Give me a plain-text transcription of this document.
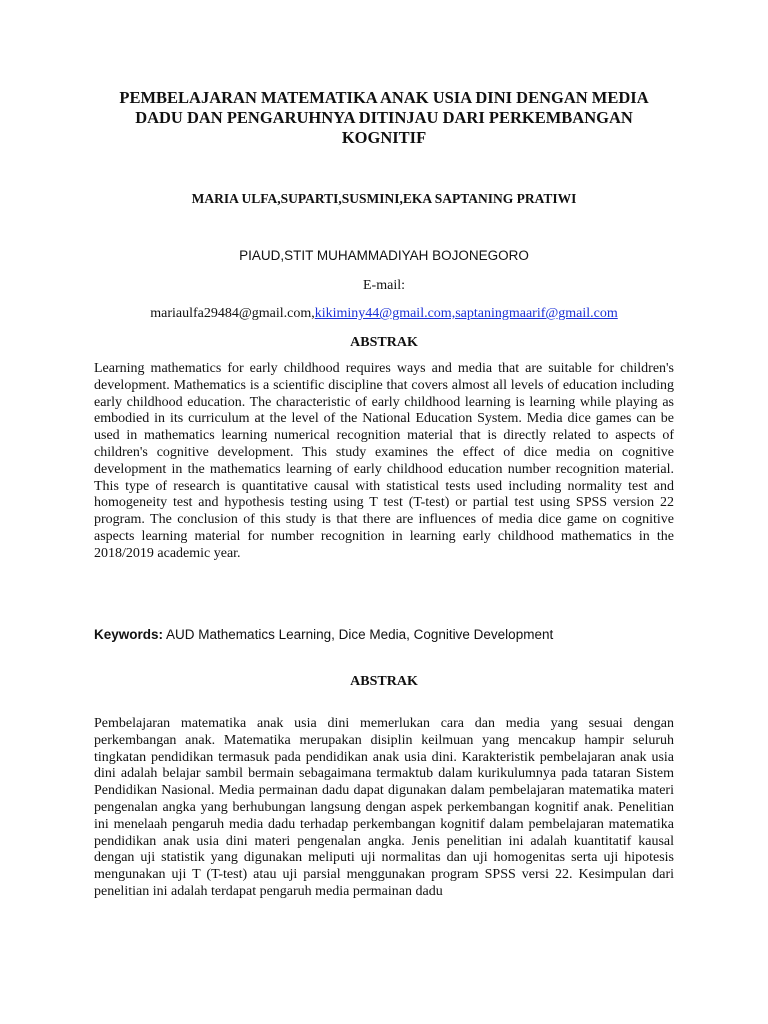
PEMBELAJARAN MATEMATIKA ANAK USIA DINI DENGAN MEDIA DADU DAN PENGARUHNYA DITINJAU DARI PERKEMBANGAN KOGNITIF
MARIA ULFA,SUPARTI,SUSMINI,EKA SAPTANING PRATIWI
PIAUD,STIT MUHAMMADIYAH BOJONEGORO
E-mail:
mariaulfa29484@gmail.com,kikiminy44@gmail.com,saptaningmaarif@gmail.com
ABSTRAK
Learning mathematics for early childhood requires ways and media that are suitable for children's development. Mathematics is a scientific discipline that covers almost all levels of education including early childhood education. The characteristic of early childhood learning is learning while playing as embodied in its curriculum at the level of the National Education System. Media dice games can be used in mathematics learning numerical recognition material that is directly related to aspects of children's cognitive development. This study examines the effect of dice media on cognitive development in the mathematics learning of early childhood education number recognition material. This type of research is quantitative causal with statistical tests used including normality test and homogeneity test and hypothesis testing using T test (T-test) or partial test using SPSS version 22 program. The conclusion of this study is that there are influences of media dice game on cognitive aspects learning material for number recognition in learning early childhood mathematics in the 2018/2019 academic year.
Keywords: AUD Mathematics Learning, Dice Media, Cognitive Development
ABSTRAK
Pembelajaran matematika anak usia dini memerlukan cara dan media yang sesuai dengan perkembangan anak. Matematika merupakan disiplin keilmuan yang mencakup hampir seluruh tingkatan pendidikan termasuk pada pendidikan anak usia dini. Karakteristik pembelajaran anak usia dini adalah belajar sambil bermain sebagaimana termaktub dalam kurikulumnya pada tataran Sistem Pendidikan Nasional. Media permainan dadu dapat digunakan dalam pembelajaran matematika materi pengenalan angka yang berhubungan langsung dengan aspek perkembangan kognitif anak. Penelitian ini menelaah pengaruh media dadu terhadap perkembangan kognitif dalam pembelajaran matematika pendidikan anak usia dini materi pengenalan angka. Jenis penelitian ini adalah kuantitatif kausal dengan uji statistik yang digunakan meliputi uji normalitas dan uji homogenitas serta uji hipotesis mengunakan uji T (T-test) atau uji parsial menggunakan program SPSS versi 22. Kesimpulan dari penelitian ini adalah terdapat pengaruh media permainan dadu
